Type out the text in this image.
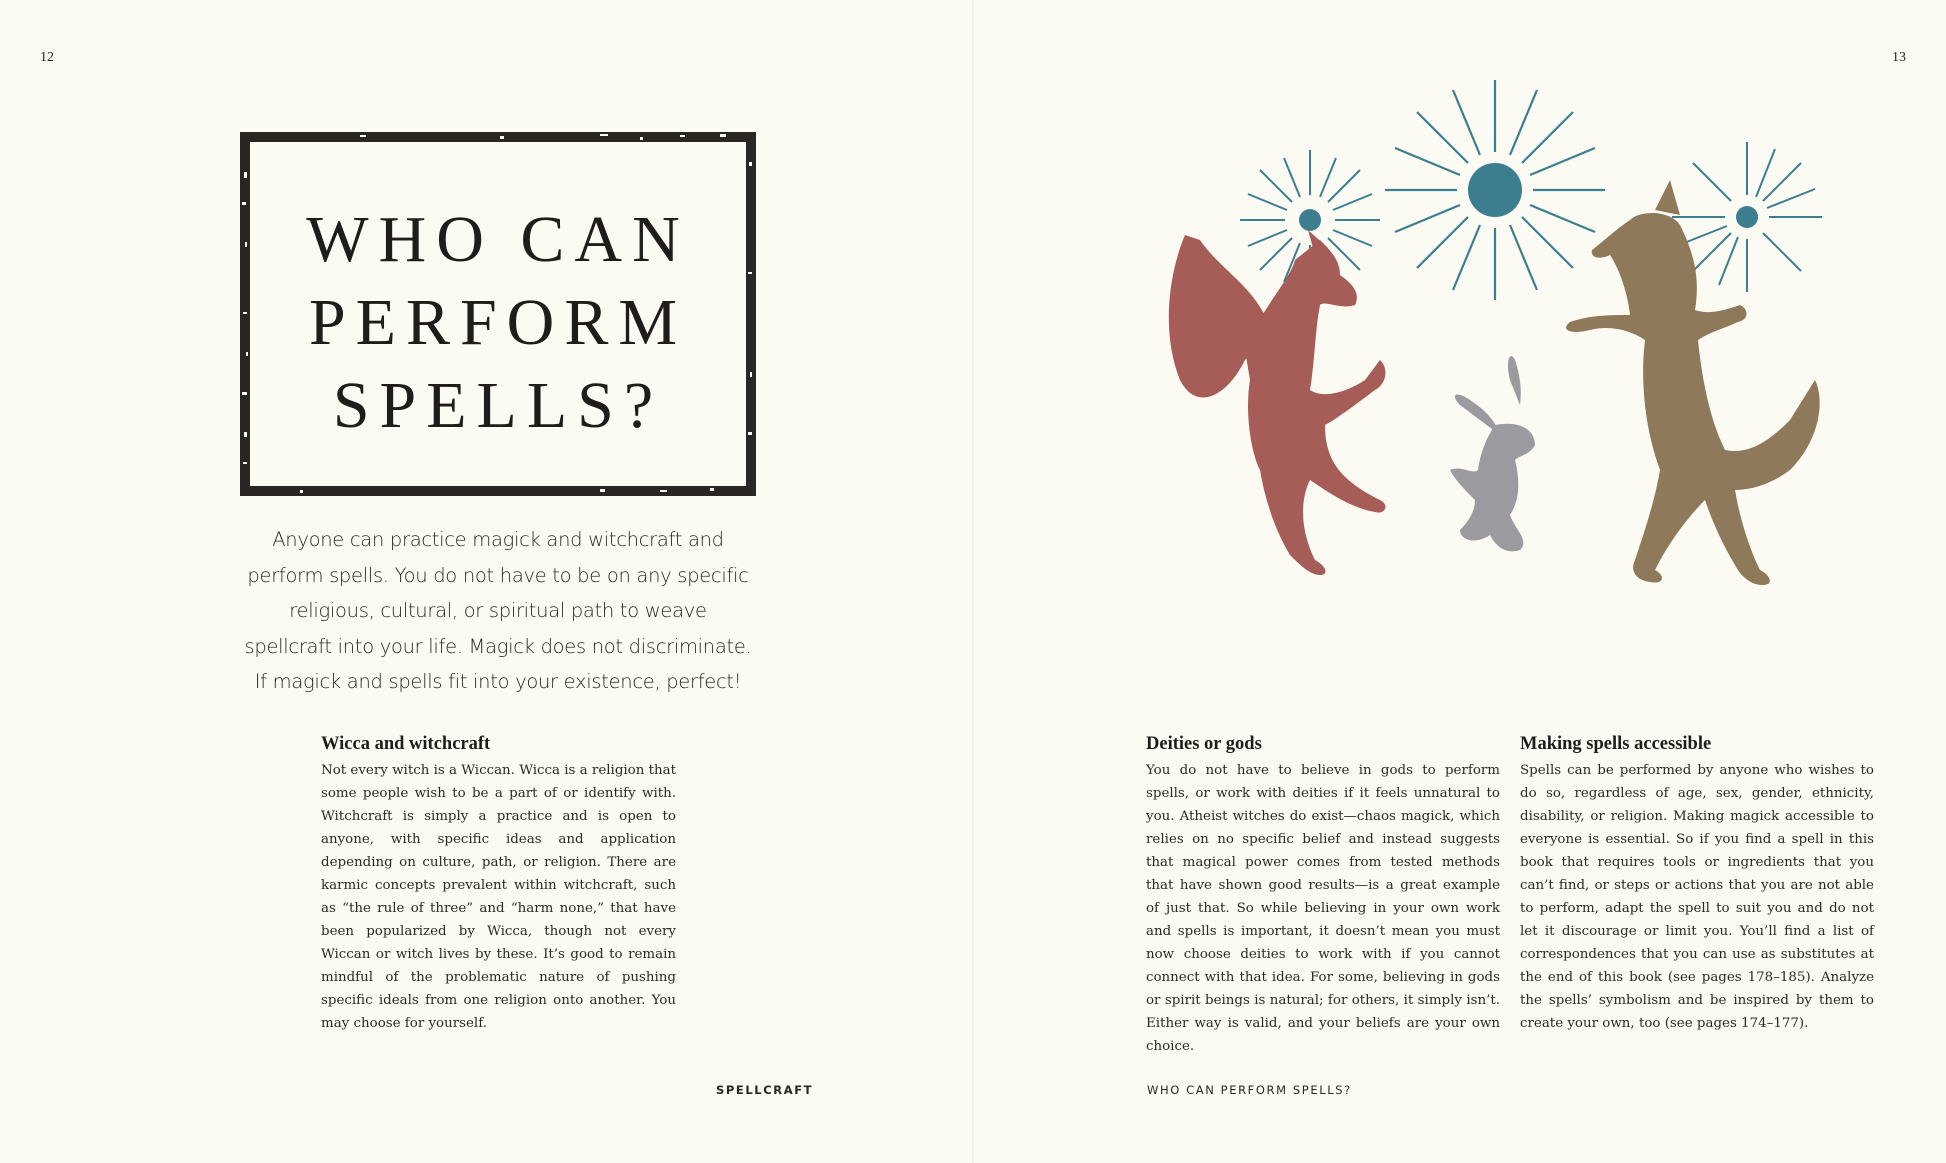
12	13
WHO CAN
PERFORM
SPELLS?
Anyone can practice magick and witchcraft and perform spells. You do not have to be on any specific religious, cultural, or spiritual path to weave spellcraft into your life. Magick does not discriminate. If magick and spells fit into your existence, perfect!
Wicca and witchcraft

Not every witch is a Wiccan. Wicca is a religion that some people wish to be a part of or identify with. Witchcraft is simply a practice and is open to anyone, with specific ideas and application depending on culture, path, or religion. There are karmic concepts prevalent within witchcraft, such as “the rule of three” and “harm none,” that have been popularized by Wicca, though not every Wiccan or witch lives by these. It’s good to remain mindful of the problematic nature of pushing specific ideals from one religion onto another. You may choose for yourself.

Deities or gods

You do not have to believe in gods to perform spells, or work with deities if it feels unnatural to you. Atheist witches do exist—chaos magick, which relies on no specific belief and instead suggests that magical power comes from tested methods that have shown good results—is a great example of just that. So while believing in your own work and spells is important, it doesn’t mean you must now choose deities to work with if you cannot connect with that idea. For some, believing in gods or spirit beings is natural; for others, it simply isn’t. Either way is valid, and your beliefs are your own choice.

Making spells accessible

Spells can be performed by anyone who wishes to do so, regardless of age, sex, gender, ethnicity, disability, or religion. Making magick accessible to everyone is essential. So if you find a spell in this book that requires tools or ingredients that you can’t find, or steps or actions that you are not able to perform, adapt the spell to suit you and do not let it discourage or limit you. You’ll find a list of correspondences that you can use as substitutes at the end of this book (see pages 178–185). Analyze the spells’ symbolism and be inspired by them to create your own, too (see pages 174–177).

SPELLCRAFT	WHO CAN PERFORM SPELLS?
